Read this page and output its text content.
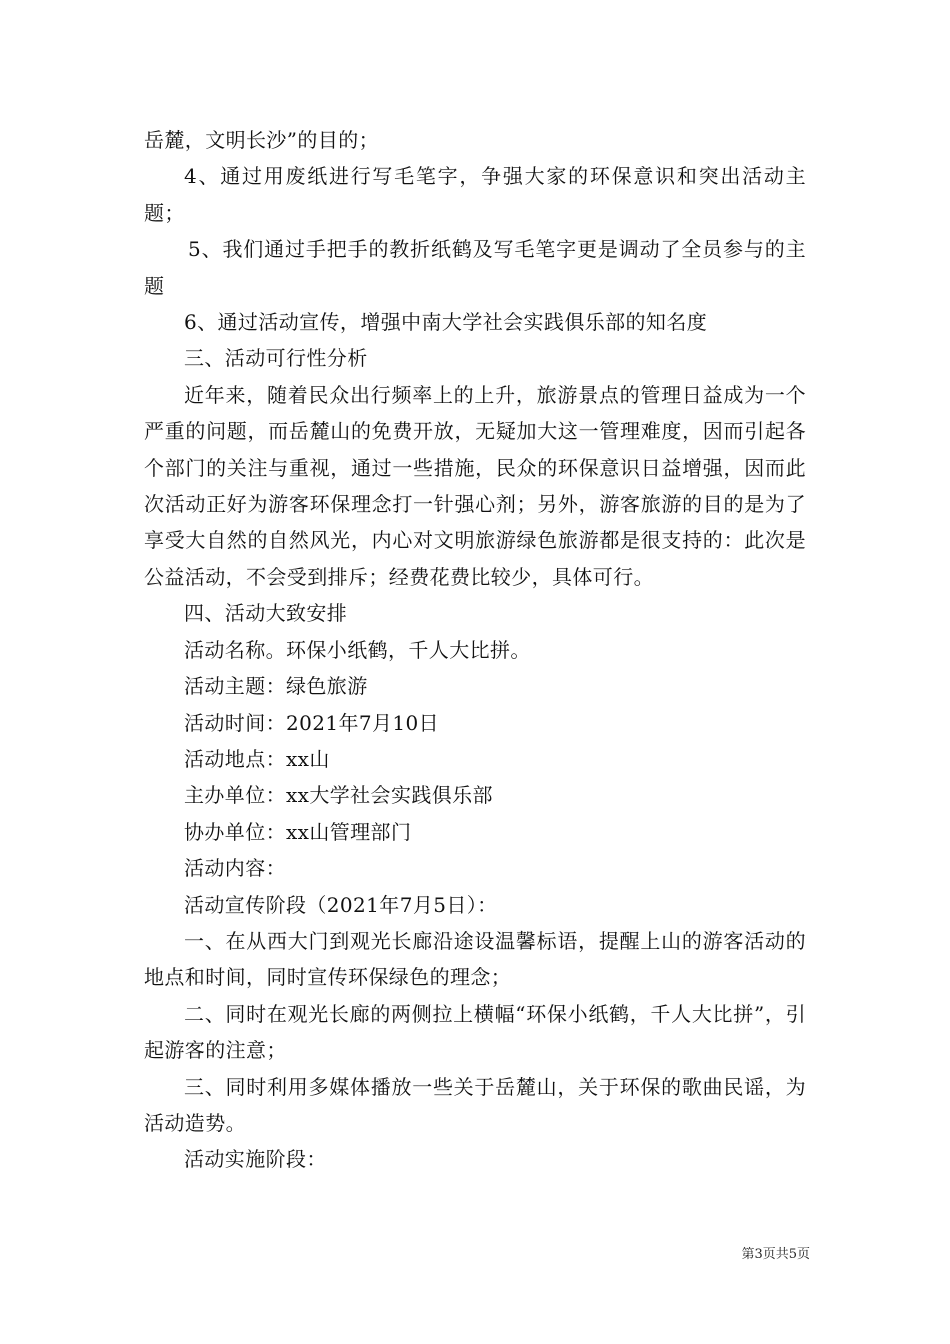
岳麓，文明长沙”的目的；

4、通过用废纸进行写毛笔字，争强大家的环保意识和突出活动主题；

5、我们通过手把手的教折纸鹤及写毛笔字更是调动了全员参与的主题

6、通过活动宣传，增强中南大学社会实践俱乐部的知名度

三、活动可行性分析

近年来，随着民众出行频率上的上升，旅游景点的管理日益成为一个严重的问题，而岳麓山的免费开放，无疑加大这一管理难度，因而引起各个部门的关注与重视，通过一些措施，民众的环保意识日益增强，因而此次活动正好为游客环保理念打一针强心剂；另外，游客旅游的目的是为了享受大自然的自然风光，内心对文明旅游绿色旅游都是很支持的：此次是公益活动，不会受到排斥；经费花费比较少，具体可行。

四、活动大致安排

活动名称。环保小纸鹤，千人大比拼。

活动主题：绿色旅游

活动时间：2021年7月10日

活动地点：xx山

主办单位：xx大学社会实践俱乐部

协办单位：xx山管理部门

活动内容：

活动宣传阶段（2021年7月5日）：

一、在从西大门到观光长廊沿途设温馨标语，提醒上山的游客活动的地点和时间，同时宣传环保绿色的理念；

二、同时在观光长廊的两侧拉上横幅“环保小纸鹤，千人大比拼”，引起游客的注意；

三、同时利用多媒体播放一些关于岳麓山，关于环保的歌曲民谣，为活动造势。

活动实施阶段：

第3页共5页
